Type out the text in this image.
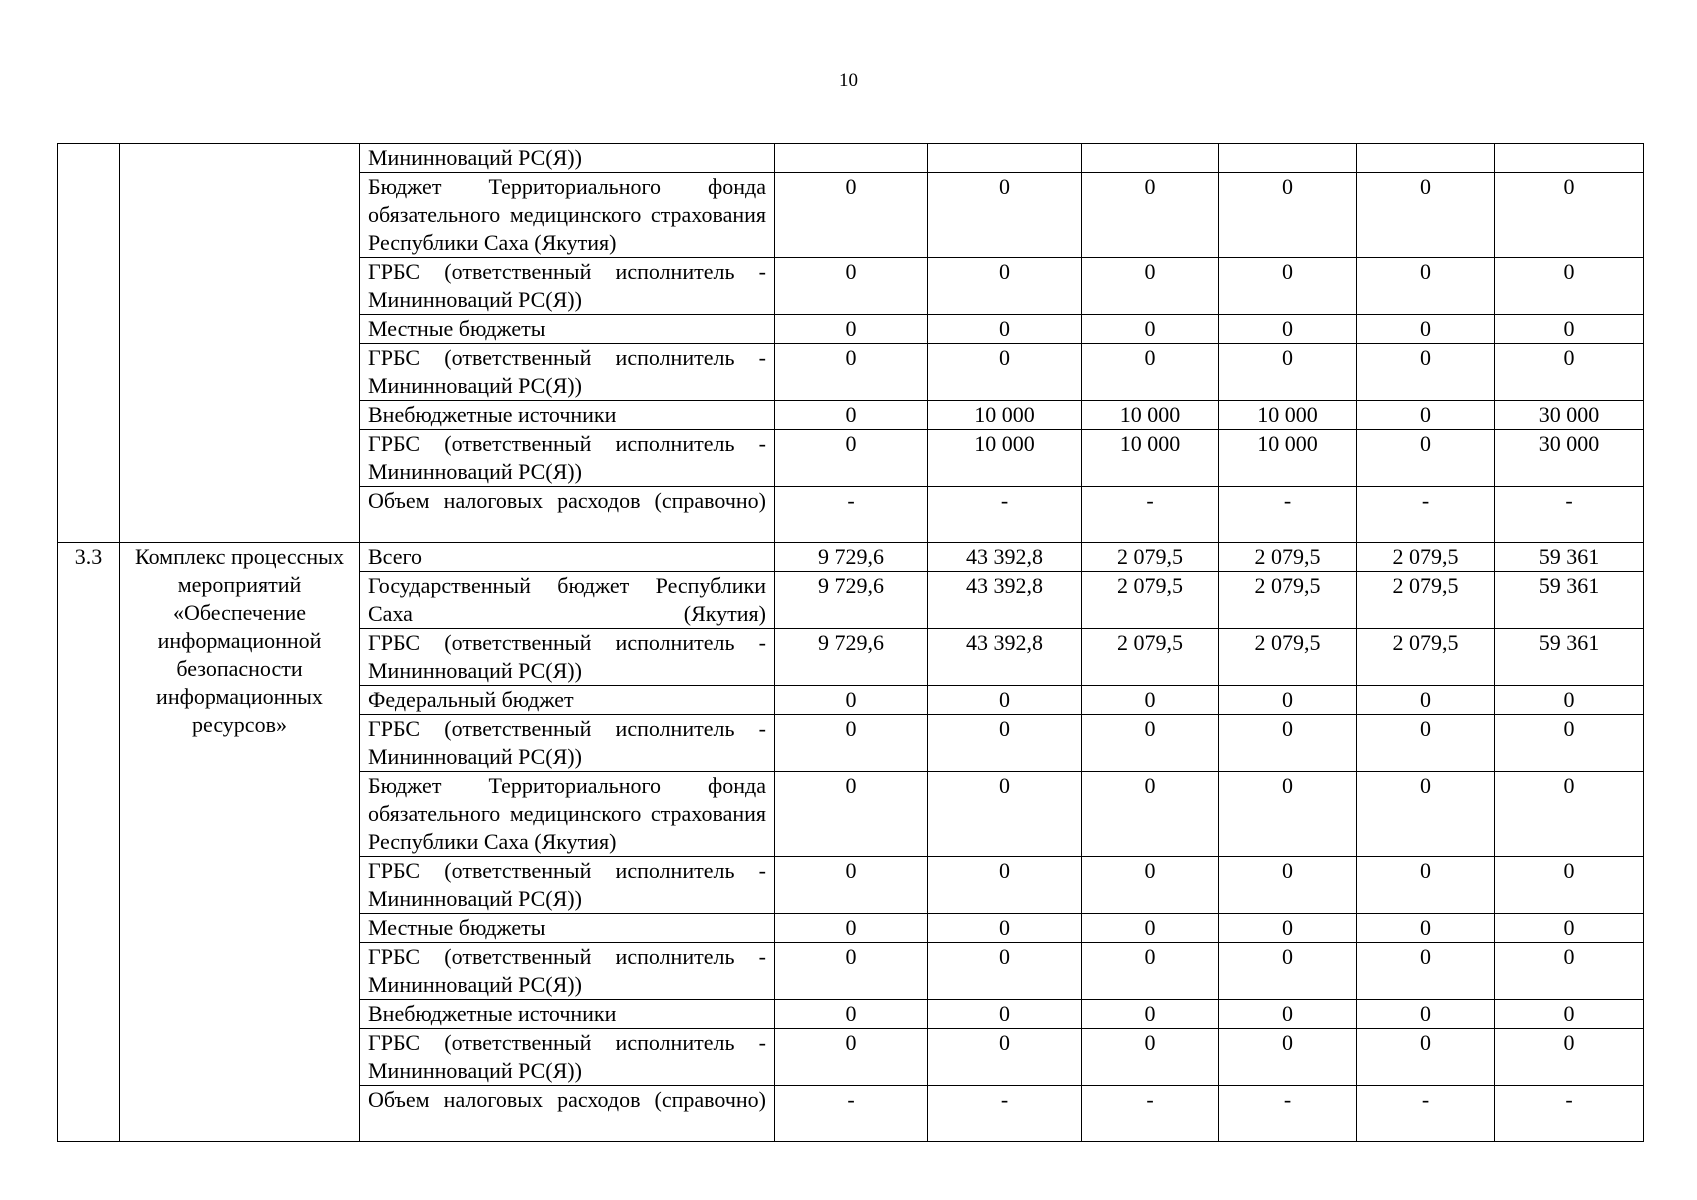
10
		Мининноваций РС(Я))						
		Бюджет Территориального фонда обязательного медицинского страхования Республики Саха (Якутия)	0	0	0	0	0	0
		ГРБС (ответственный исполнитель - Мининноваций РС(Я))	0	0	0	0	0	0
		Местные бюджеты	0	0	0	0	0	0
		ГРБС (ответственный исполнитель - Мининноваций РС(Я))	0	0	0	0	0	0
		Внебюджетные источники	0	10 000	10 000	10 000	0	30 000
		ГРБС (ответственный исполнитель - Мининноваций РС(Я))	0	10 000	10 000	10 000	0	30 000
		Объем налоговых расходов (справочно)	-	-	-	-	-	-
3.3	Комплекс процессных мероприятий «Обеспечение информационной безопасности информационных ресурсов»	Всего	9 729,6	43 392,8	2 079,5	2 079,5	2 079,5	59 361
		Государственный бюджет Республики Саха (Якутия)	9 729,6	43 392,8	2 079,5	2 079,5	2 079,5	59 361
		ГРБС (ответственный исполнитель - Мининноваций РС(Я))	9 729,6	43 392,8	2 079,5	2 079,5	2 079,5	59 361
		Федеральный бюджет	0	0	0	0	0	0
		ГРБС (ответственный исполнитель - Мининноваций РС(Я))	0	0	0	0	0	0
		Бюджет Территориального фонда обязательного медицинского страхования Республики Саха (Якутия)	0	0	0	0	0	0
		ГРБС (ответственный исполнитель - Мининноваций РС(Я))	0	0	0	0	0	0
		Местные бюджеты	0	0	0	0	0	0
		ГРБС (ответственный исполнитель - Мининноваций РС(Я))	0	0	0	0	0	0
		Внебюджетные источники	0	0	0	0	0	0
		ГРБС (ответственный исполнитель - Мининноваций РС(Я))	0	0	0	0	0	0
		Объем налоговых расходов (справочно)	-	-	-	-	-	-
